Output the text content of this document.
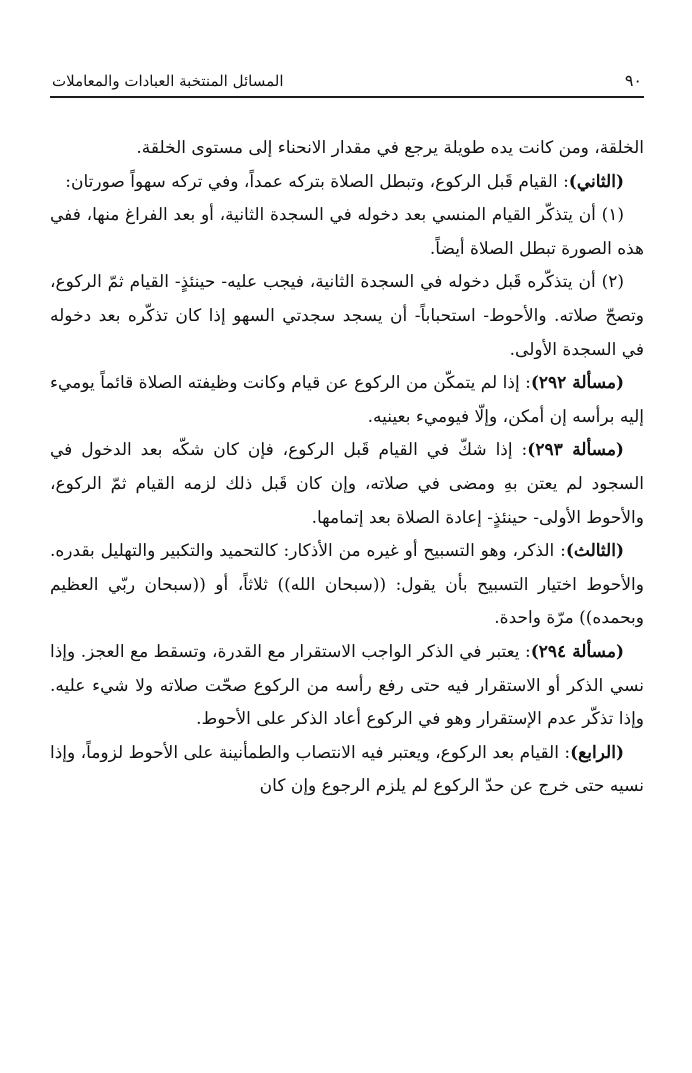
٩٠
المسائل المنتخبة العبادات والمعاملات

الخلقة، ومن كانت يده طويلة يرجع في مقدار الانحناء إلى مستوى الخلقة.

(الثاني): القيام قَبل الركوع، وتبطل الصلاة بتركه عمداً، وفي تركه سهواً صورتان:

(١) أن يتذكّر القيام المنسي بعد دخوله في السجدة الثانية، أو بعد الفراغ منها، ففي هذه الصورة تبطل الصلاة أيضاً.

(٢) أن يتذكّره قَبل دخوله في السجدة الثانية، فيجب عليه- حينئذٍ- القيام ثمّ الركوع، وتصحّ صلاته. والأحوط- استحباباً- أن يسجد سجدتي السهو إذا كان تذكّره بعد دخوله في السجدة الأولى.

(مسألة ٢٩٢): إذا لم يتمكّن من الركوع عن قيام وكانت وظيفته الصلاة قائماً يوميء إليه برأسه إن أمكن، وإلّا فيوميء بعينيه.

(مسألة ٢٩٣): إذا شكّ في القيام قَبل الركوع، فإن كان شكّه بعد الدخول في السجود لم يعتن بهِ ومضى في صلاته، وإن كان قَبل ذلك لزمه القيام ثمّ الركوع، والأحوط الأولى- حينئذٍ- إعادة الصلاة بعد إتمامها.

(الثالث): الذكر، وهو التسبيح أو غيره من الأذكار: كالتحميد والتكبير والتهليل بقدره. والأحوط اختيار التسبيح بأن يقول: ((سبحان الله)) ثلاثاً، أو ((سبحان ربّي العظيم وبحمده)) مرّة واحدة.

(مسألة ٢٩٤): يعتبر في الذكر الواجب الاستقرار مع القدرة، وتسقط مع العجز. وإذا نسي الذكر أو الاستقرار فيه حتى رفع رأسه من الركوع صحّت صلاته ولا شيء عليه. وإذا تذكّر عدم الإستقرار وهو في الركوع أعاد الذكر على الأحوط.

(الرابع): القيام بعد الركوع، ويعتبر فيه الانتصاب والطمأنينة على الأحوط لزوماً، وإذا نسيه حتى خرج عن حدّ الركوع لم يلزم الرجوع وإن كان
